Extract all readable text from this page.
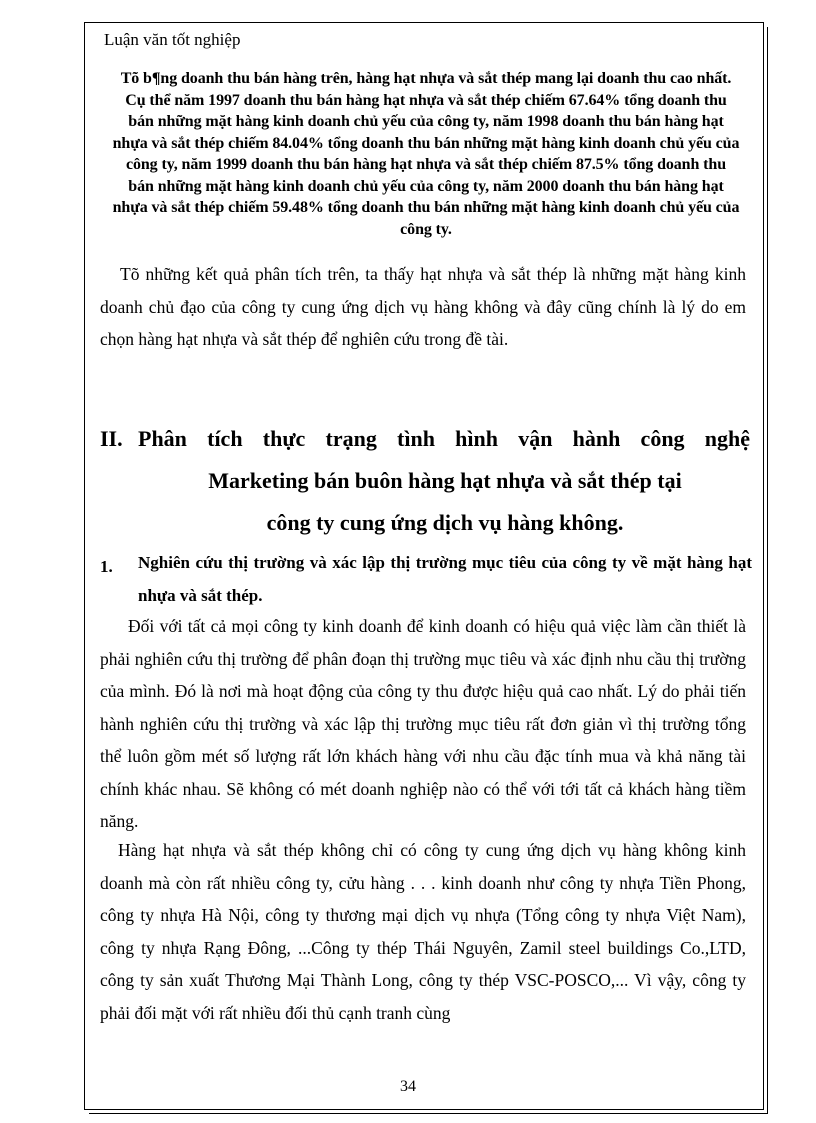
Luận văn tốt nghiệp
Tõ b¶ng doanh thu bán hàng trên, hàng hạt nhựa và sắt thép mang lại doanh thu cao nhất. Cụ thể năm 1997 doanh thu bán hàng hạt nhựa và sắt thép chiếm 67.64% tổng doanh thu bán những mặt hàng kinh doanh chủ yếu của công ty, năm 1998 doanh thu bán hàng hạt nhựa và sắt thép chiếm 84.04% tổng doanh thu bán những mặt hàng kinh doanh chủ yếu của công ty, năm 1999 doanh thu bán hàng hạt nhựa và sắt thép chiếm 87.5% tổng doanh thu bán những mặt hàng kinh doanh chủ yếu của công ty, năm 2000 doanh thu bán hàng hạt nhựa và sắt thép chiếm 59.48% tổng doanh thu bán những mặt hàng kinh doanh chủ yếu của công ty.
Tõ những kết quả phân tích trên, ta thấy hạt nhựa và sắt thép là những mặt hàng kinh doanh chủ đạo của công ty cung ứng dịch vụ hàng không và đây cũng chính là lý do em chọn hàng hạt nhựa và sắt thép để nghiên cứu trong đề tài.
II. Phân tích thực trạng tình hình vận hành công nghệ
Marketing bán buôn hàng hạt nhựa và sắt thép tại
công ty cung ứng dịch vụ hàng không.
1.	Nghiên cứu thị trường và xác lập thị trường mục tiêu của công ty về mặt hàng hạt nhựa và sắt thép.
Đối với tất cả mọi công ty kinh doanh để kinh doanh có hiệu quả việc làm cần thiết là phải nghiên cứu thị trường để phân đoạn thị trường mục tiêu và xác định nhu cầu thị trường của mình. Đó là nơi mà hoạt động của công ty thu được hiệu quả cao nhất. Lý do phải tiến hành nghiên cứu thị trường và xác lập thị trường mục tiêu rất đơn giản vì thị trường tổng thể luôn gồm mét số lượng rất lớn khách hàng với nhu cầu đặc tính mua và khả năng tài chính khác nhau. Sẽ không có mét doanh nghiệp nào có thể với tới tất cả khách hàng tiềm năng.
Hàng hạt nhựa và sắt thép không chỉ có công ty cung ứng dịch vụ hàng không kinh doanh mà còn rất nhiều công ty, cửu hàng . . . kinh doanh như công ty nhựa Tiền Phong, công ty nhựa Hà Nội, công ty thương mại dịch vụ nhựa (Tổng công ty nhựa Việt Nam), công ty nhựa Rạng Đông, ...Công ty thép Thái Nguyên, Zamil steel buildings Co.,LTD, công ty sản xuất Thương Mại Thành Long, công ty thép VSC-POSCO,... Vì vậy, công ty phải đối mặt với rất nhiều đối thủ cạnh tranh cùng
34
